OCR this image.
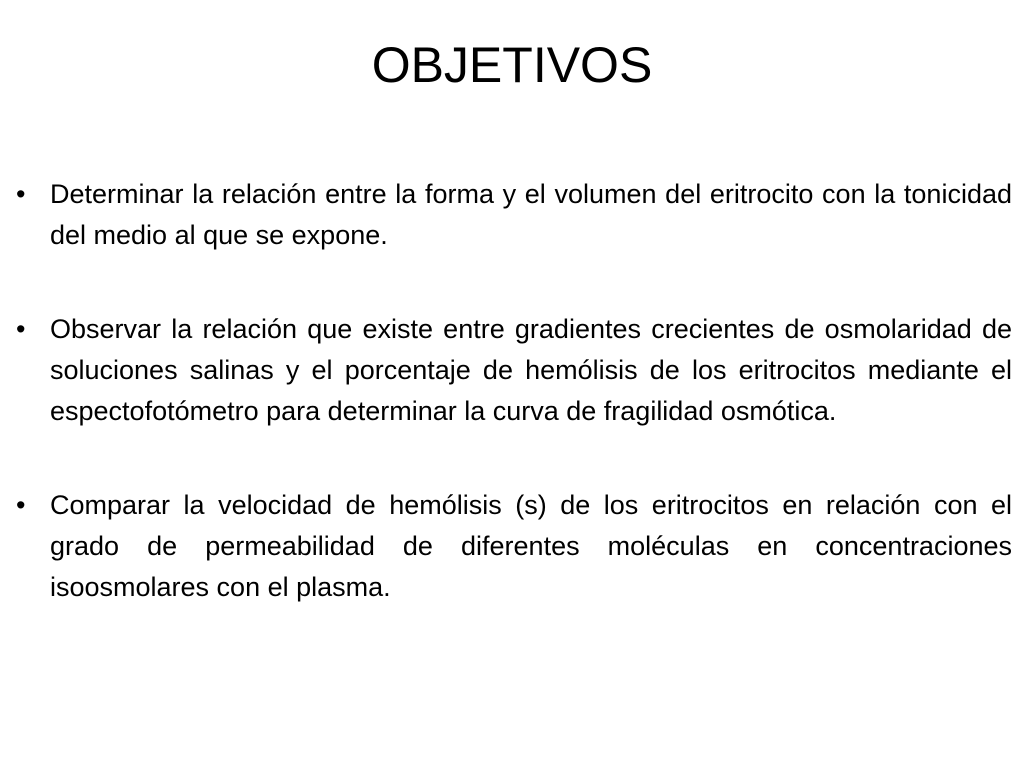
OBJETIVOS
• Determinar la relación entre la forma y el volumen del eritrocito con la tonicidad del medio al que se expone.
• Observar la relación que existe entre gradientes crecientes de osmolaridad de soluciones salinas y el porcentaje de hemólisis de los eritrocitos mediante el espectofotómetro para determinar la curva de fragilidad osmótica.
• Comparar la velocidad de hemólisis (s) de los eritrocitos en relación con el grado de permeabilidad de diferentes moléculas en concentraciones isoosmolares con el plasma.
